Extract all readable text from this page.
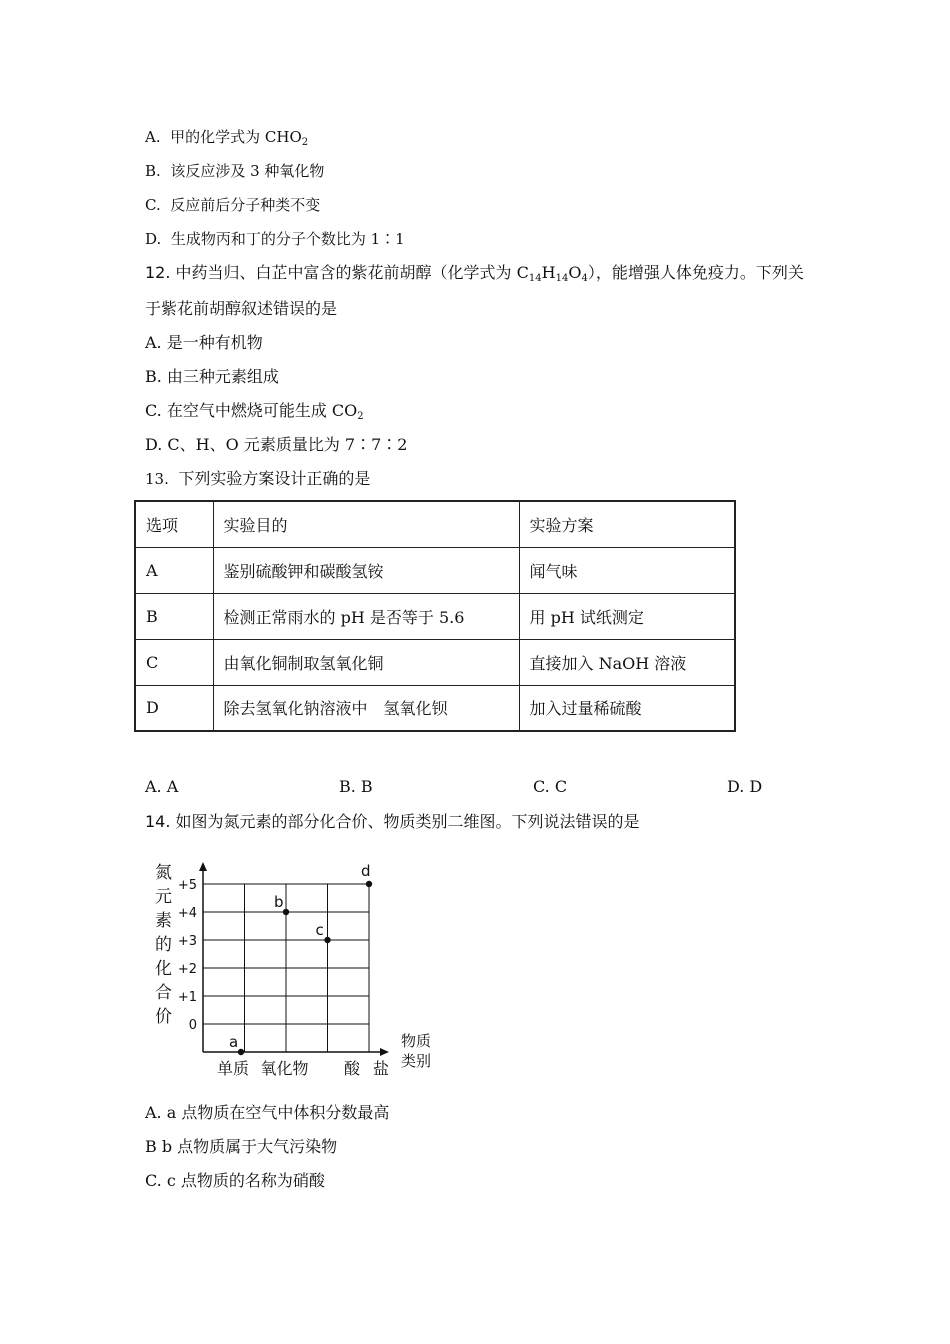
A. 甲的化学式为 $CHO_2$
B. 该反应涉及 3 种氧化物
C. 反应前后分子种类不变
D. 生成物丙和丁的分子个数比为 1∶1
12. 中药当归、白芷中富含的紫花前胡醇（化学式为 $C_{14}H_{14}O_4$），能增强人体免疫力。下列关
于紫花前胡醇叙述错误的是
A. 是一种有机物
B. 由三种元素组成
C. 在空气中燃烧可能生成 $CO_2$
D. C、H、O 元素质量比为 7∶7∶2
13. 下列实验方案设计正确的是
选项	实验目的	实验方案
A	鉴别硫酸钾和碳酸氢铵	闻气味
B	检测正常雨水的 pH 是否等于 5.6	用 pH 试纸测定
C	由氧化铜制取氢氧化铜	直接加入 NaOH 溶液
D	除去氢氧化钠溶液中　氢氧化钡	加入过量稀硫酸
A. A	B. B	C. C	D. D
14. 如图为氮元素的部分化合价、物质类别二维图。下列说法错误的是
氮
元
素
的
化
合
价
+5
+4
+3
+2
+1
0
单质 氧化物 酸 盐
物质
类别
a
b
c
d
A. a 点物质在空气中体积分数最高
B b 点物质属于大气污染物
C. c 点物质的名称为硝酸
